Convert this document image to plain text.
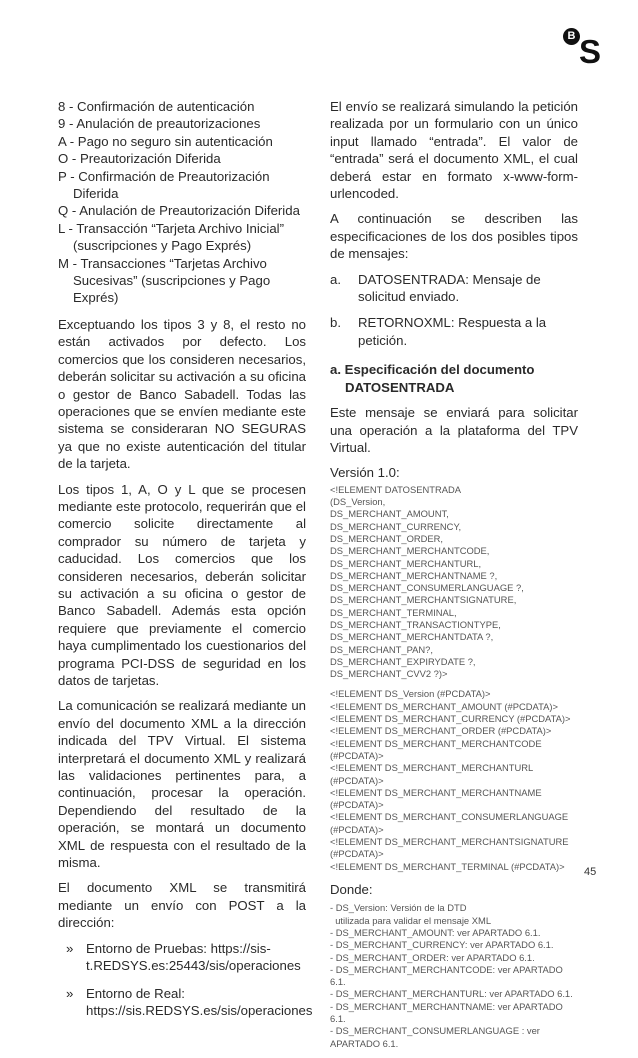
B S
8 - Confirmación de autenticación
9 - Anulación de preautorizaciones
A - Pago no seguro sin autenticación
O - Preautorización Diferida
P - Confirmación de Preautorización Diferida
Q - Anulación de Preautorización Diferida
L - Transacción “Tarjeta Archivo Inicial” (suscripciones y Pago Exprés)
M - Transacciones “Tarjetas Archivo Sucesivas” (suscripciones y Pago Exprés)

Exceptuando los tipos 3 y 8, el resto no están activados por defecto. Los comercios que los consideren necesarios, deberán solicitar su activación a su oficina o gestor de Banco Sabadell. Todas las operaciones que se envíen mediante este sistema se consideraran NO SEGURAS ya que no existe autenticación del titular de la tarjeta.

Los tipos 1, A, O y L que se procesen mediante este protocolo, requerirán que el comercio solicite directamente al comprador su número de tarjeta y caducidad. Los comercios que los consideren necesarios, deberán solicitar su activación a su oficina o gestor de Banco Sabadell. Además esta opción requiere que previamente el comercio haya cumplimentado los cuestionarios del programa PCI-DSS de seguridad en los datos de tarjetas.

La comunicación se realizará mediante un envío del documento XML a la dirección indicada del TPV Virtual. El sistema interpretará el documento XML y realizará las validaciones pertinentes para, a continuación, procesar la operación. Dependiendo del resultado de la operación, se montará un documento XML de respuesta con el resultado de la misma.

El documento XML se transmitirá mediante un envío con POST a la dirección:

» Entorno de Pruebas: https://sis-t.REDSYS.es:25443/sis/operaciones
» Entorno de Real: https://sis.REDSYS.es/sis/operaciones

El envío se realizará simulando la petición realizada por un formulario con un único input llamado “entrada”. El valor de “entrada” será el documento XML, el cual deberá estar en formato x-www-form-urlencoded.

A continuación se describen las especificaciones de los dos posibles tipos de mensajes:

a. DATOSENTRADA: Mensaje de solicitud enviado.
b. RETORNOXML: Respuesta a la petición.
a. Especificación del documento DATOSENTRADA

Este mensaje se enviará para solicitar una operación a la plataforma del TPV Virtual.

Versión 1.0:
<!ELEMENT DATOSENTRADA
(DS_Version,
DS_MERCHANT_AMOUNT,
DS_MERCHANT_CURRENCY,
DS_MERCHANT_ORDER,
DS_MERCHANT_MERCHANTCODE,
DS_MERCHANT_MERCHANTURL,
DS_MERCHANT_MERCHANTNAME ?,
DS_MERCHANT_CONSUMERLANGUAGE ?,
DS_MERCHANT_MERCHANTSIGNATURE,
DS_MERCHANT_TERMINAL,
DS_MERCHANT_TRANSACTIONTYPE,
DS_MERCHANT_MERCHANTDATA ?,
DS_MERCHANT_PAN?,
DS_MERCHANT_EXPIRYDATE ?,
DS_MERCHANT_CVV2 ?)>
<!ELEMENT DS_Version (#PCDATA)>
<!ELEMENT DS_MERCHANT_AMOUNT (#PCDATA)>
<!ELEMENT DS_MERCHANT_CURRENCY (#PCDATA)>
<!ELEMENT DS_MERCHANT_ORDER (#PCDATA)>
<!ELEMENT DS_MERCHANT_MERCHANTCODE (#PCDATA)>
<!ELEMENT DS_MERCHANT_MERCHANTURL (#PCDATA)>
<!ELEMENT DS_MERCHANT_MERCHANTNAME (#PCDATA)>
<!ELEMENT DS_MERCHANT_CONSUMERLANGUAGE (#PCDATA)>
<!ELEMENT DS_MERCHANT_MERCHANTSIGNATURE (#PCDATA)>
<!ELEMENT DS_MERCHANT_TERMINAL (#PCDATA)>
Donde:
- DS_Version: Versión de la DTD
utilizada para validar el mensaje XML
- DS_MERCHANT_AMOUNT: ver APARTADO 6.1.
- DS_MERCHANT_CURRENCY: ver APARTADO 6.1.
- DS_MERCHANT_ORDER: ver APARTADO 6.1.
- DS_MERCHANT_MERCHANTCODE: ver APARTADO 6.1.
- DS_MERCHANT_MERCHANTURL: ver APARTADO 6.1.
- DS_MERCHANT_MERCHANTNAME: ver APARTADO 6.1.
- DS_MERCHANT_CONSUMERLANGUAGE : ver APARTADO 6.1.
45
